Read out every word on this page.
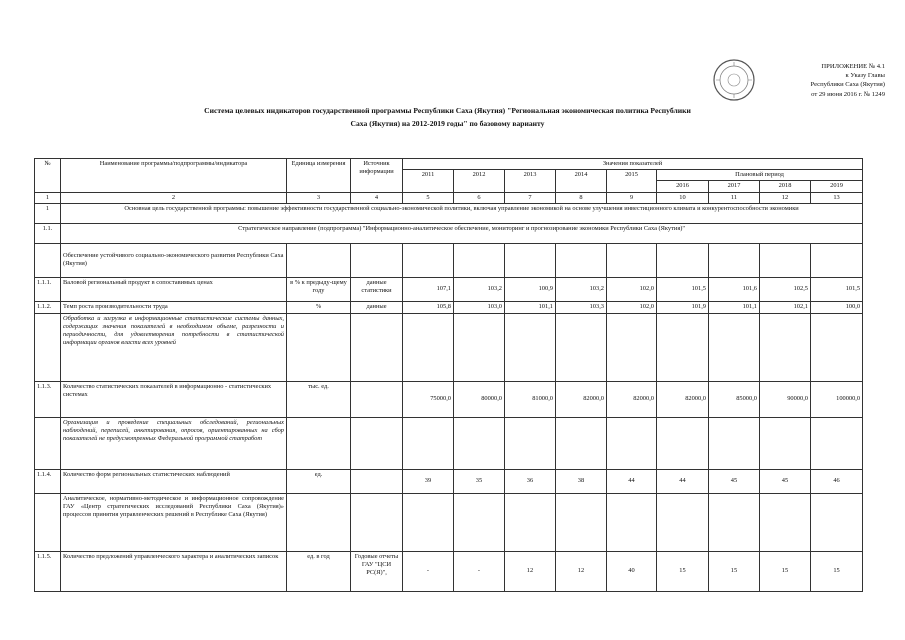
ПРИЛОЖЕНИЕ № 4.1
к Указу Главы
Республики Саха (Якутия)
от 29 июня 2016 г. № 1249
Система целевых индикаторов государственной программы Республики Саха (Якутия) "Региональная экономическая политика Республики
Саха (Якутия) на 2012-2019 годы" по базовому варианту
№	Наименование программы/подпрограммы/индикатора	Единица измерения	Источник информации	Значения показателей								
				2011	2012	2013	2014	2015	Плановый период			
									2016	2017	2018	2019
1	2	3	4	5	6	7	8	9	10	11	12	13
1	Основная цель государственной программы: повышение эффективности государственной социально-экономической политики, включая управление экономикой на основе улучшения инвестиционного климата и конкурентоспособности экономики											
1.1.	Стратегическое направление (подпрограмма) "Информационно-аналитическое обеспечение, мониторинг и прогнозирование экономики Республики Саха (Якутия)"											
	Обеспечение устойчивого социально-экономического развития Республики Саха (Якутия)											
1.1.1.	Валовой региональный продукт в сопоставимых ценах	в % к предыду-щему году	данные статистики	107,1	103,2	100,9	103,2	102,0	101,5	101,6	102,5	101,5
1.1.2.	Темп роста производительности труда	%	данные	105,8	103,0	101,1	103,3	102,0	101,9	101,1	102,1	100,0
	Обработка и загрузка в информационные статистические системы данных, содержащих значения показателей в необходимом объеме, разрезности и периодичности, для удовлетворения потребности в статистической информации органов власти всех уровней											
1.1.3.	Количество статистических показателей в информационно - статистических системах	тыс. ед.		75000,0	80000,0	81000,0	82000,0	82000,0	82000,0	85000,0	90000,0	100000,0
	Организация и проведение специальных обследований, региональных наблюдений, переписей, анкетирования, опросов, ориентированных на сбор показателей не предусмотренных Федеральной программой статработ											
1.1.4.	Количество форм региональных статистических наблюдений	ед.		39	35	36	38	44	44	45	45	46
	Аналитическое, нормативно-методическое и информационное сопровождение ГАУ «Центр стратегических исследований Республики Саха (Якутия)» процессов принятия управленческих решений в Республике Саха (Якутия)											
1.1.5.	Количество предложений управленческого характера и аналитических записок	ед. в год	Годовые отчеты ГАУ "ЦСИ РС(Я)",	-	-	12	12	40	15	15	15	15
